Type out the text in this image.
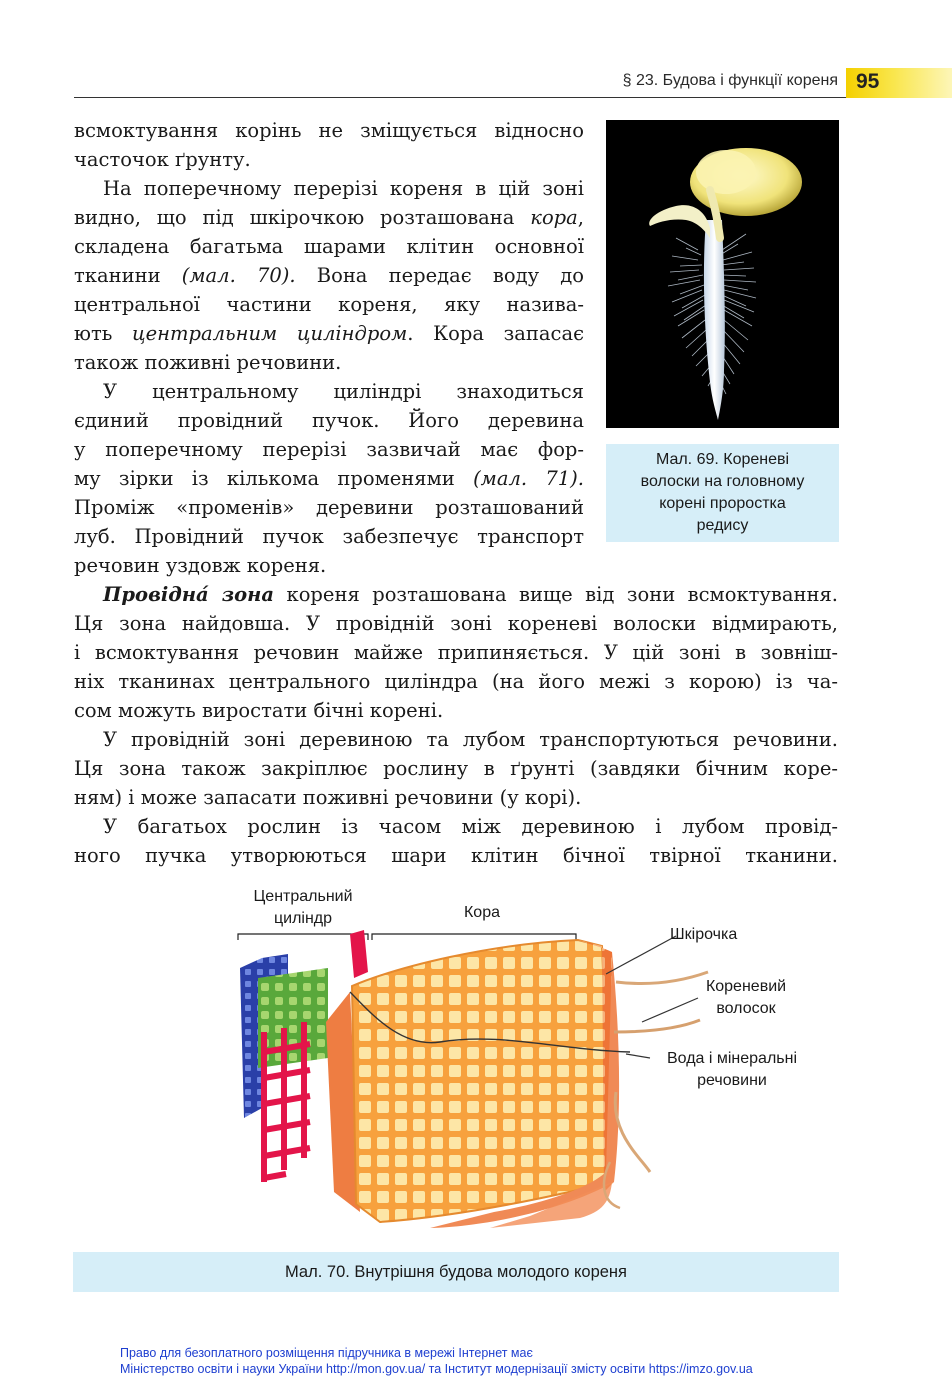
§ 23. Будова і функції кореня 95
всмоктування корінь не зміщується відносно
часточок ґрунту.
На поперечному перерізі кореня в цій зоні
видно, що під шкірочкою розташована кора,
складена багатьма шарами клітин основної
тканини (мал. 70). Вона передає воду до
центральної частини кореня, яку назива-
ють центральним циліндром. Кора запасає
також поживні речовини.
У центральному циліндрі знаходиться
єдиний провідний пучок. Його деревина
у поперечному перерізі зазвичай має фор-
му зірки із кількома променями (мал. 71).
Проміж «променів» деревини розташований
луб. Провідний пучок забезпечує транспорт
речовин уздовж кореня.
Провідна́ зона кореня розташована вище від зони всмоктування.
Ця зона найдовша. У провідній зоні кореневі волоски відмирають,
і всмоктування речовин майже припиняється. У цій зоні в зовніш-
ніх тканинах центрального циліндра (на його межі з корою) із ча-
сом можуть виростати бічні корені.
У провідній зоні деревиною та лубом транспортуються речовини.
Ця зона також закріплює рослину в ґрунті (завдяки бічним коре-
ням) і може запасати поживні речовини (у корі).
У багатьох рослин із часом між деревиною і лубом провід-
ного пучка утворюються шари клітин бічної твірної тканини.
Мал. 69. Кореневі
волоски на головному
корені проростка
редису
Центральний
циліндр	Кора
Шкірочка
Кореневий
волосок
Вода і мінеральні
речовини
Мал. 70. Внутрішня будова молодого кореня
Право для безоплатного розміщення підручника в мережі Інтернет має
Міністерство освіти і науки України http://mon.gov.ua/ та Інститут модернізації змісту освіти https://imzo.gov.ua
